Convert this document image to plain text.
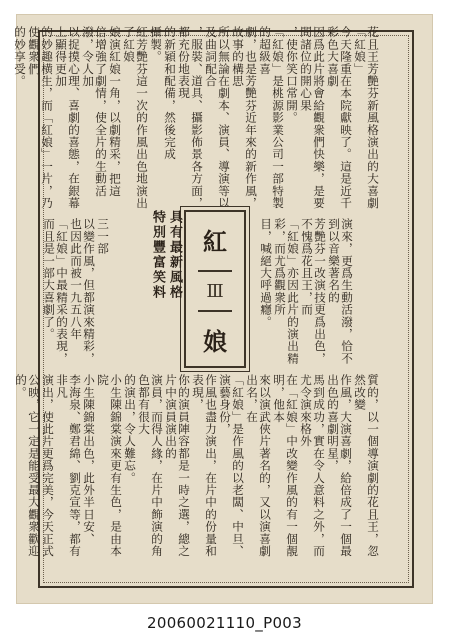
花且王芳艷芬新風格演出的大喜劇「紅娘」
今天隆重在本院獻映了。這是近千彩色大喜劇
因爲此片將會給觀衆們快樂，是要問諸位的開心果
，使你笑口常開。
「紅娘」是桃源影業公司一部特製的超級喜
劇，也是芳艷芬近年來的新作風，故事的構思
所以無論在劇本、演員、導演等以及曲詞配合
，服裝、道具、攝影佈景各方面，都充份地表現
的新穎和配備，然後完成
攝製。
紅芳艷芬這一次的作風出色地演出了紅娘
娘演紅娘一角，以劇精采，把這
倍增強了劇情，使全片的生動活潑，令人加
以捉摸心理、喜劇的喜態，在銀幕上顯得更加
的妙趣横生，而「紅娘」一片，乃使觀衆們
的妙享受。
演來，更爲生動活潑，恰不到以音樂著名的
芳艷芬一改演技更爲出色，不愧爲花且王，而
「紅娘」亦因此片的演出精彩，而尤爲觀衆所
目，喊絕大呼過癮。
三一部
以變作風，但都演來精彩，也因此而被一九五八年
「紅娘」中最精采的表現，而且是一部大喜劇了。	紅
Ⅲ
娘
具有最新風格
特別豐富笑料
質的，以一個導演劇的花且王，忽然改變
作風，大演喜劇，給倍成了一個最出色的喜劇明星，
馬到成功，實在令人意料之外，而尤令演來格外
在「紅娘」中改變作風的有一個靚明，他本
來以演武俠片著名的，又以演喜劇出名，在
「紅娘」是作風的以老闆、中旦、演藝身份，
作風也盡力演出，在片中的份量和表現，
你的演員陣容都是一時之選，總之片中演員演出的
演員，而得人緣，在片中飾演的角色都有很大
的演出，令人難忘。
小生陳錦棠演來更有生色，是由本院
小生陳錦棠出色，此外半日安、
李海泉、鄭君綿、劉克宣等，都有非凡
演出，使此片更爲完美，今天正式
公映，它一定是能受最大觀衆歡迎的。
20060021110_P003
